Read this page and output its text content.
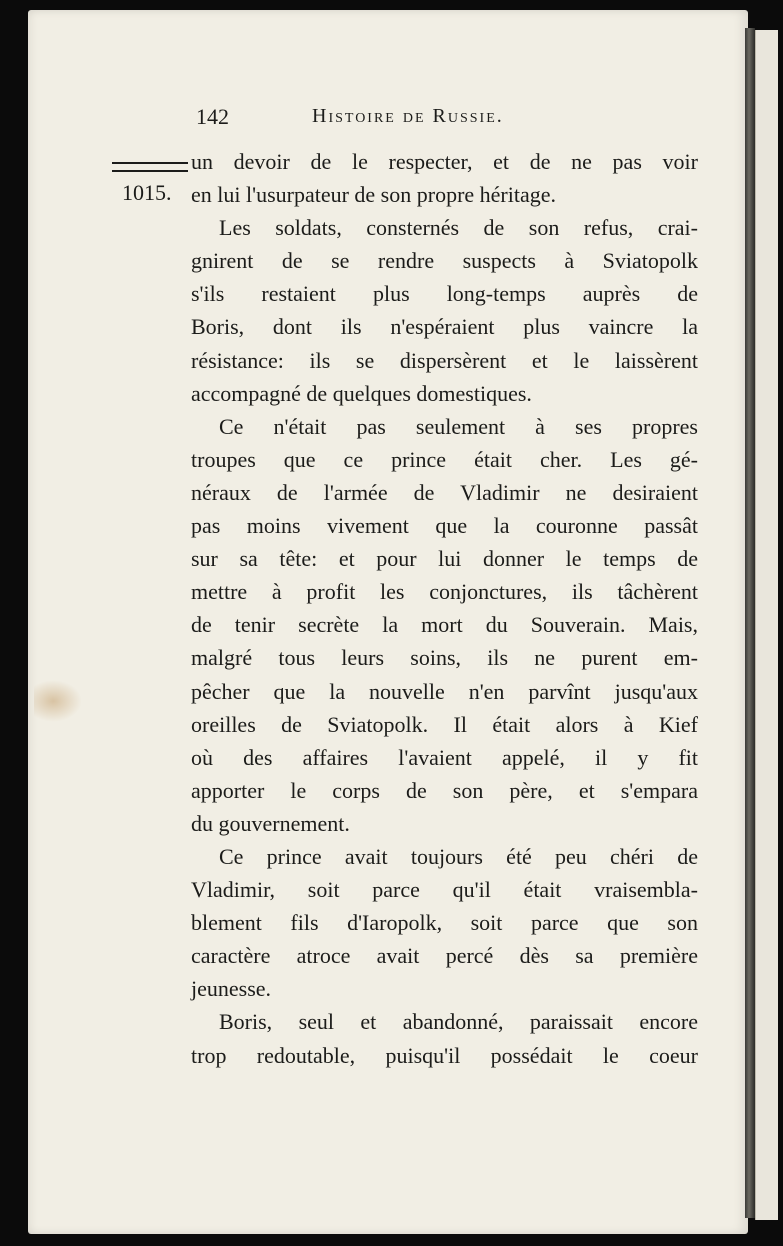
142	Histoire de Russie.
1015.
un devoir de le respecter, et de ne pas voir
en lui l'usurpateur de son propre héritage.
Les soldats, consternés de son refus, crai-
gnirent de se rendre suspects à Sviatopolk
s'ils restaient plus long-temps auprès de
Boris, dont ils n'espéraient plus vaincre la
résistance: ils se dispersèrent et le laissèrent
accompagné de quelques domestiques.
Ce n'était pas seulement à ses propres
troupes que ce prince était cher. Les gé-
néraux de l'armée de Vladimir ne desiraient
pas moins vivement que la couronne passât
sur sa tête: et pour lui donner le temps de
mettre à profit les conjonctures, ils tâchèrent
de tenir secrète la mort du Souverain. Mais,
malgré tous leurs soins, ils ne purent em-
pêcher que la nouvelle n'en parvînt jusqu'aux
oreilles de Sviatopolk. Il était alors à Kief
où des affaires l'avaient appelé, il y fit
apporter le corps de son père, et s'empara
du gouvernement.
Ce prince avait toujours été peu chéri de
Vladimir, soit parce qu'il était vraisembla-
blement fils d'Iaropolk, soit parce que son
caractère atroce avait percé dès sa première
jeunesse.
Boris, seul et abandonné, paraissait encore
trop redoutable, puisqu'il possédait le coeur
